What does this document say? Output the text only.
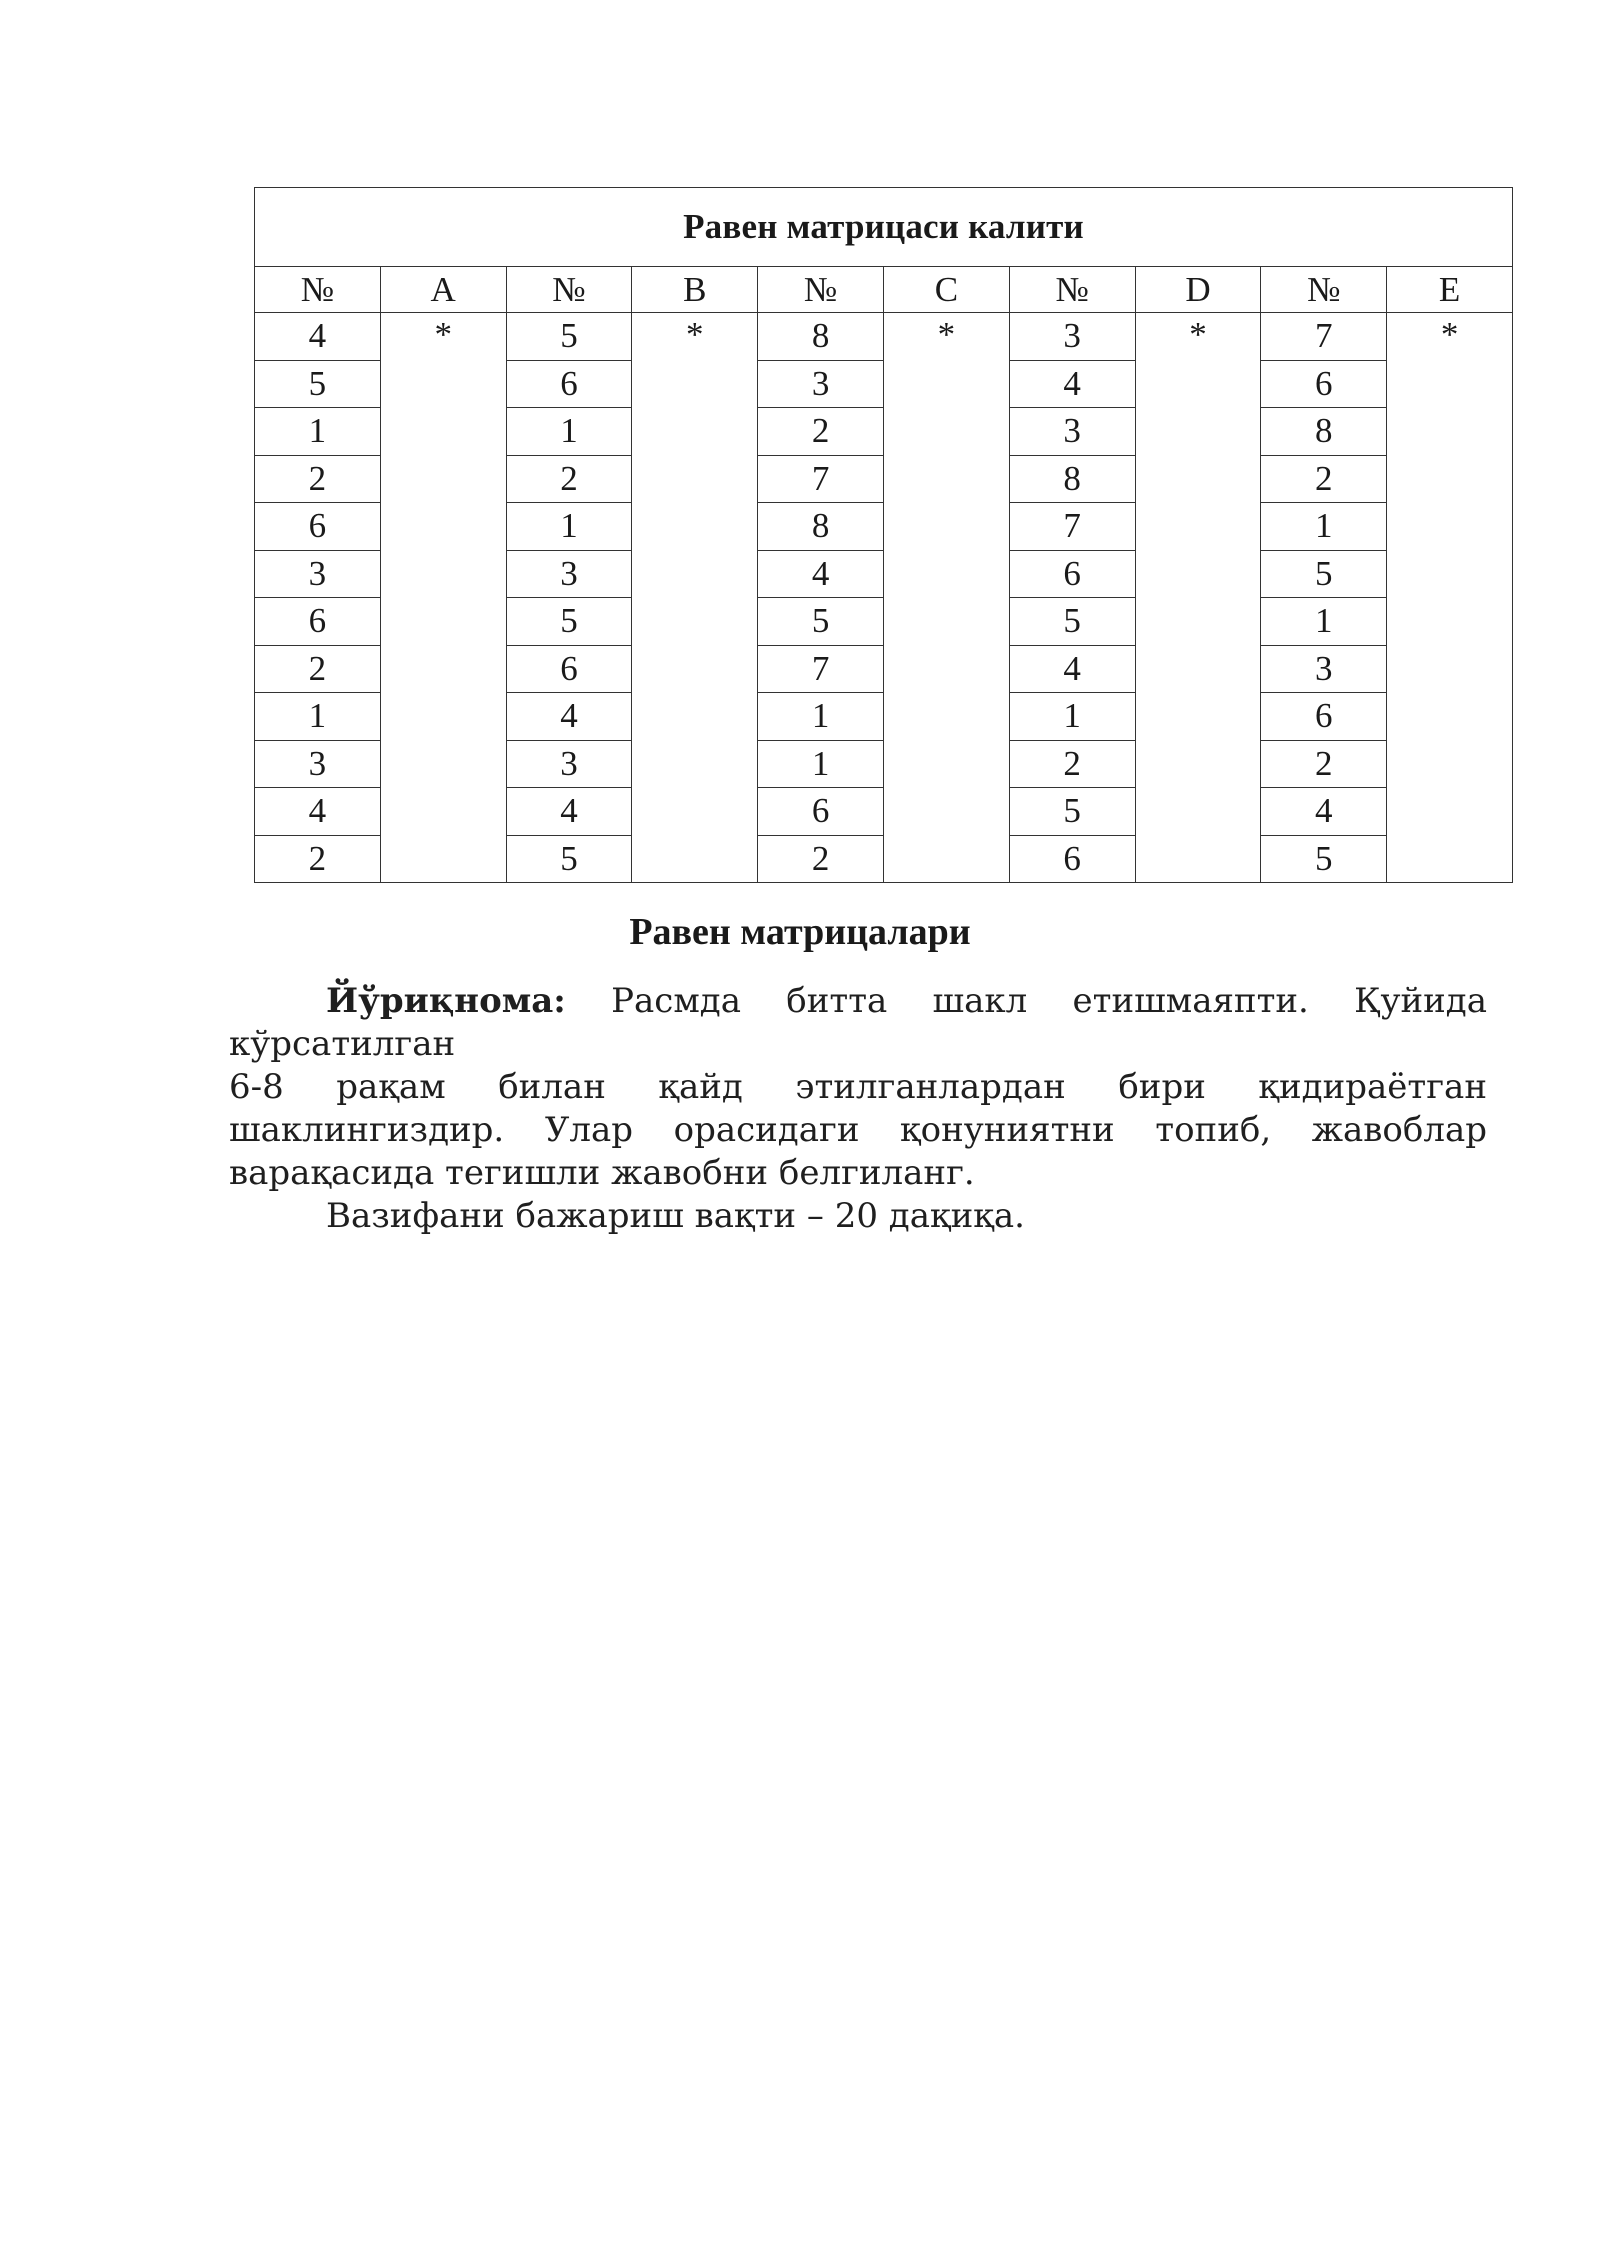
Равен матрицаси калити									
№	A	№	B	№	C	№	D	№	E
4	*	5	*	8	*	3	*	7	*
5		6		3		4		6	
1		1		2		3		8	
2		2		7		8		2	
6		1		8		7		1	
3		3		4		6		5	
6		5		5		5		1	
2		6		7		4		3	
1		4		1		1		6	
3		3		1		2		2	
4		4		6		5		4	
2		5		2		6		5	
Равен матрицалари

Йўриқнома: Расмда битта шакл етишмаяпти. Қуйида кўрсатилган

6-8 рақам билан қайд этилганлардан бири қидираётган шаклингиздир. Улар орасидаги қонуниятни топиб, жавоблар варақасида тегишли жавобни белгиланг.

Вазифани бажариш вақти – 20 дақиқа.
